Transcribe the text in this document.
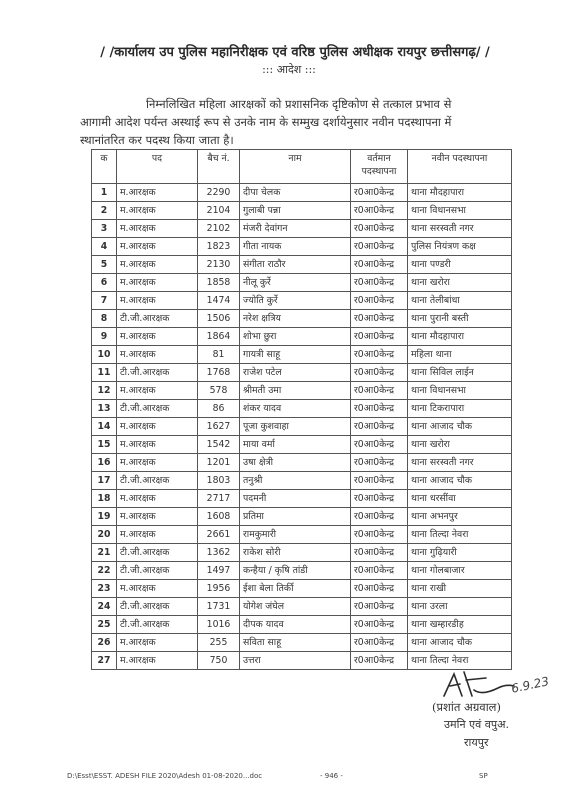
/ /कार्यालय उप पुलिस महानिरीक्षक एवं वरिष्ठ पुलिस अधीक्षक रायपुर छत्तीसगढ़/ /
::: आदेश :::
निम्नलिखित महिला आरक्षकों को प्रशासनिक दृष्टिकोण से तत्काल प्रभाव से
आगामी आदेश पर्यन्त अस्थाई रूप से उनके नाम के सम्मुख दर्शायेनुसार नवीन पदस्थापना में
स्थानांतरित कर पदस्थ किया जाता है।
क	पद	बैच नं.	नाम	वर्तमान पदस्थापना	नवीन पदस्थापना
1	म.आरक्षक	2290	दीपा चेलक	र0आ0केन्द्र	थाना मौदहापारा
2	म.आरक्षक	2104	गुलाबी पन्ना	र0आ0केन्द्र	थाना विधानसभा
3	म.आरक्षक	2102	मंजरी देवांगन	र0आ0केन्द्र	थाना सरस्वती नगर
4	म.आरक्षक	1823	गीता नायक	र0आ0केन्द्र	पुलिस नियंत्रण कक्ष
5	म.आरक्षक	2130	संगीता राठौर	र0आ0केन्द्र	थाना पण्डरी
6	म.आरक्षक	1858	नीलू कुर्रे	र0आ0केन्द्र	थाना खरोरा
7	म.आरक्षक	1474	ज्योति कुर्रे	र0आ0केन्द्र	थाना तेलीबांधा
8	टी.जी.आरक्षक	1506	नरेश क्षत्रिय	र0आ0केन्द्र	थाना पुरानी बस्ती
9	म.आरक्षक	1864	शोभा छुरा	र0आ0केन्द्र	थाना मौदहापारा
10	म.आरक्षक	81	गायत्री साहू	र0आ0केन्द्र	महिला थाना
11	टी.जी.आरक्षक	1768	राजेश पटेल	र0आ0केन्द्र	थाना सिविल लाईन
12	म.आरक्षक	578	श्रीमती उमा	र0आ0केन्द्र	थाना विधानसभा
13	टी.जी.आरक्षक	86	शंकर यादव	र0आ0केन्द्र	थाना टिकरापारा
14	म.आरक्षक	1627	पूजा कुशवाहा	र0आ0केन्द्र	थाना आजाद चौक
15	म.आरक्षक	1542	माया वर्मा	र0आ0केन्द्र	थाना खरोरा
16	म.आरक्षक	1201	उषा क्षेत्री	र0आ0केन्द्र	थाना सरस्वती नगर
17	टी.जी.आरक्षक	1803	तनुश्री	र0आ0केन्द्र	थाना आजाद चौक
18	म.आरक्षक	2717	पदमनी	र0आ0केन्द्र	थाना धरसींवा
19	म.आरक्षक	1608	प्रतिमा	र0आ0केन्द्र	थाना अभनपुर
20	म.आरक्षक	2661	रामकुमारी	र0आ0केन्द्र	थाना तिल्दा नेवरा
21	टी.जी.आरक्षक	1362	राकेश सोरी	र0आ0केन्द्र	थाना गुढ़ियारी
22	टी.जी.आरक्षक	1497	कन्हैया / कृषि तांडी	र0आ0केन्द्र	थाना गोलबाजार
23	म.आरक्षक	1956	ईशा बेला तिर्की	र0आ0केन्द्र	थाना राखी
24	टी.जी.आरक्षक	1731	योगेश जंघेल	र0आ0केन्द्र	थाना उरला
25	टी.जी.आरक्षक	1016	दीपक यादव	र0आ0केन्द्र	थाना खम्हारडीह
26	म.आरक्षक	255	सविता साहू	र0आ0केन्द्र	थाना आजाद चौक
27	म.आरक्षक	750	उत्तरा	र0आ0केन्द्र	थाना तिल्दा नेवरा
6.9.23
(प्रशांत अग्रवाल)
उमनि एवं वपुअ.
रायपुर
D:\Esst\ESST. ADESH FILE 2020\Adesh 01-08-2020...doc	- 946 -	SP
